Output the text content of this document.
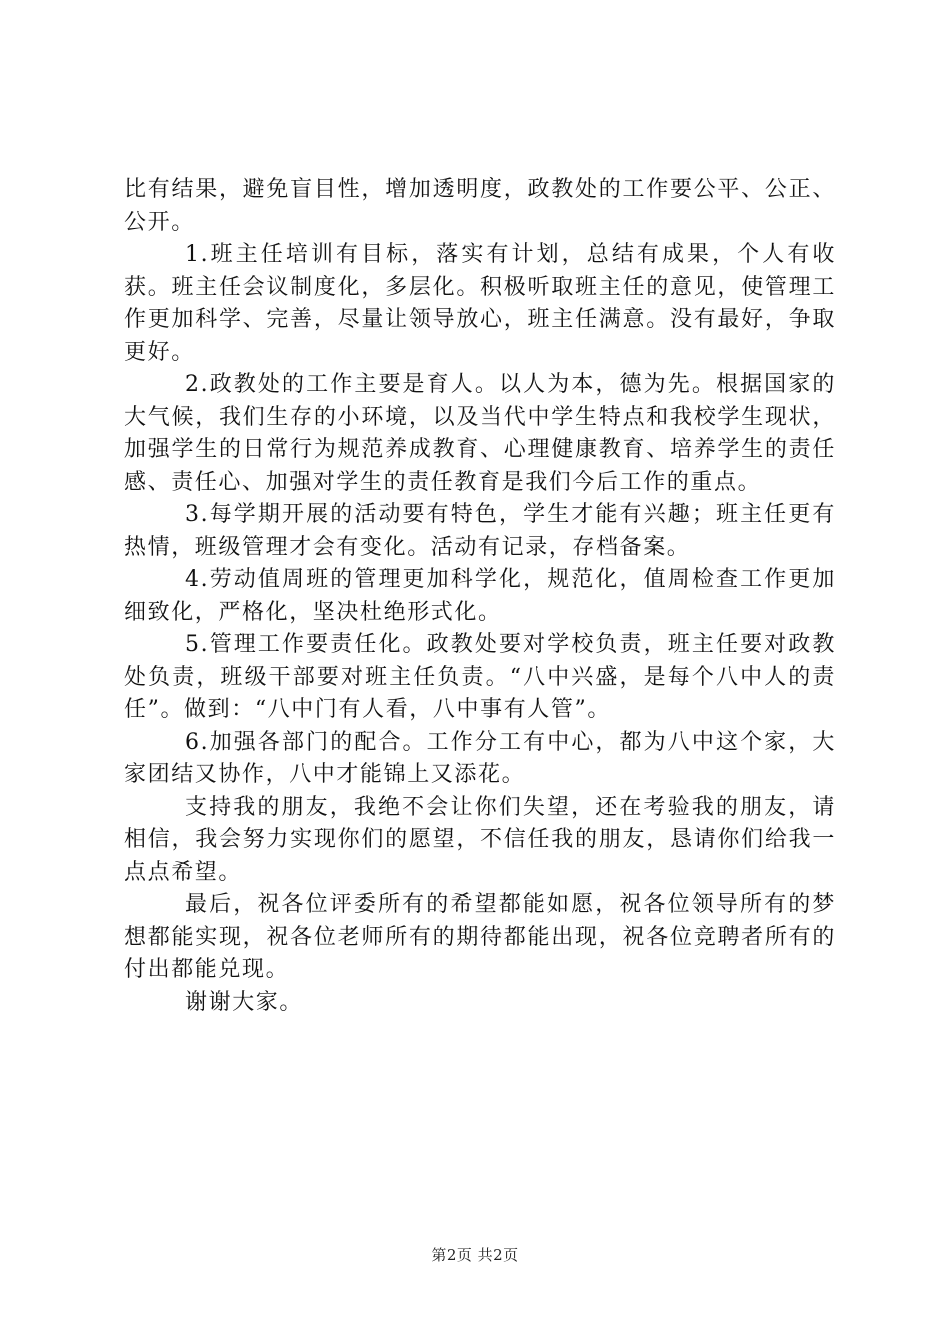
比有结果，避免盲目性，增加透明度，政教处的工作要公平、公正、公开。

1.班主任培训有目标，落实有计划，总结有成果，个人有收获。班主任会议制度化，多层化。积极听取班主任的意见，使管理工作更加科学、完善，尽量让领导放心，班主任满意。没有最好，争取更好。

2.政教处的工作主要是育人。以人为本，德为先。根据国家的大气候，我们生存的小环境，以及当代中学生特点和我校学生现状，加强学生的日常行为规范养成教育、心理健康教育、培养学生的责任感、责任心、加强对学生的责任教育是我们今后工作的重点。

3.每学期开展的活动要有特色，学生才能有兴趣；班主任更有热情，班级管理才会有变化。活动有记录，存档备案。

4.劳动值周班的管理更加科学化，规范化，值周检查工作更加细致化，严格化，坚决杜绝形式化。

5.管理工作要责任化。政教处要对学校负责，班主任要对政教处负责，班级干部要对班主任负责。“八中兴盛，是每个八中人的责任”。做到：“八中门有人看，八中事有人管”。

6.加强各部门的配合。工作分工有中心，都为八中这个家，大家团结又协作，八中才能锦上又添花。

支持我的朋友，我绝不会让你们失望，还在考验我的朋友，请相信，我会努力实现你们的愿望，不信任我的朋友，恳请你们给我一点点希望。

最后，祝各位评委所有的希望都能如愿，祝各位领导所有的梦想都能实现，祝各位老师所有的期待都能出现，祝各位竞聘者所有的付出都能兑现。

谢谢大家。

第2页 共2页
